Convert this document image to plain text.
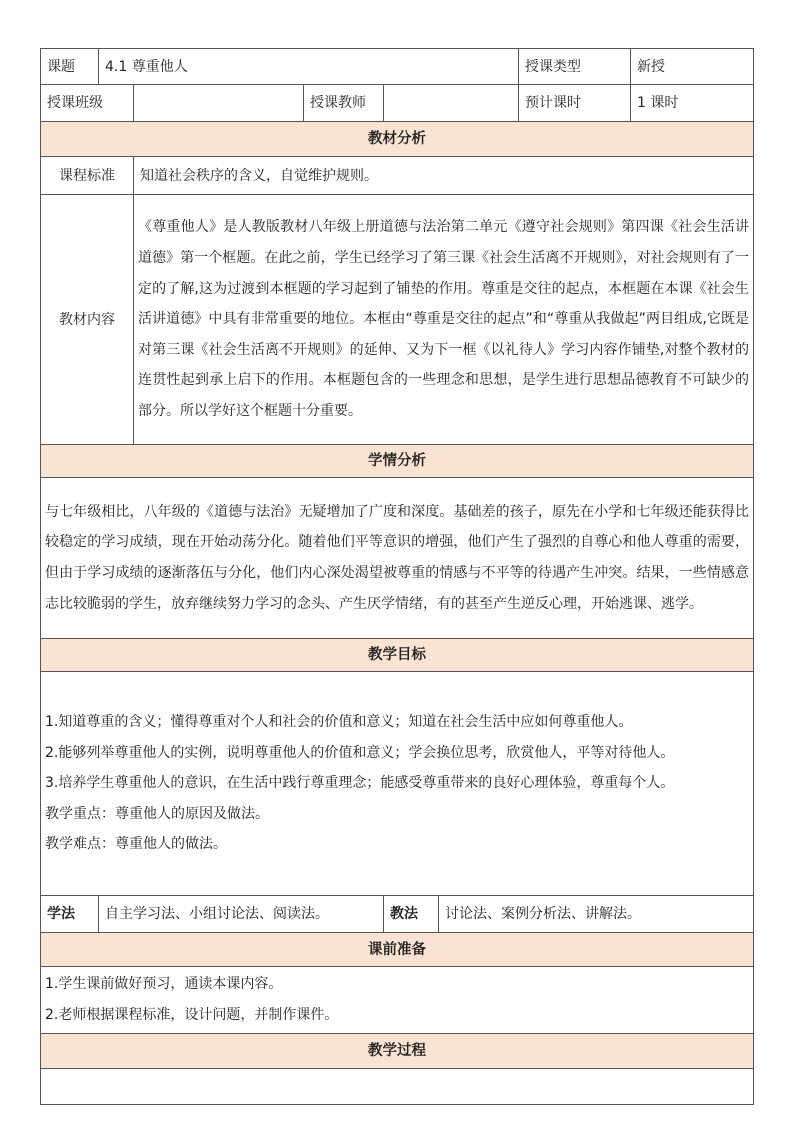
课题	4.1 尊重他人					授课类型	新授
授课班级			授课教师			预计课时	1 课时
教材分析							
课程标准		知道社会秩序的含义，自觉维护规则。					
教材内容		《尊重他人》是人教版教材八年级上册道德与法治第二单元《遵守社会规则》第四课《社会生活讲道德》第一个框题。在此之前，学生已经学习了第三课《社会生活离不开规则》，对社会规则有了一定的了解,这为过渡到本框题的学习起到了铺垫的作用。尊重是交往的起点，本框题在本课《社会生活讲道德》中具有非常重要的地位。本框由“尊重是交往的起点”和“尊重从我做起”两目组成,它既是对第三课《社会生活离不开规则》的延伸、又为下一框《以礼待人》学习内容作铺垫,对整个教材的连贯性起到承上启下的作用。本框题包含的一些理念和思想，是学生进行思想品德教育不可缺少的部分。所以学好这个框题十分重要。					
学情分析							
与七年级相比，八年级的《道德与法治》无疑增加了广度和深度。基础差的孩子，原先在小学和七年级还能获得比较稳定的学习成绩，现在开始动荡分化。随着他们平等意识的增强，他们产生了强烈的自尊心和他人尊重的需要，但由于学习成绩的逐渐落伍与分化，他们内心深处渴望被尊重的情感与不平等的待遇产生冲突。结果，一些情感意志比较脆弱的学生，放弃继续努力学习的念头、产生厌学情绪，有的甚至产生逆反心理，开始逃课、逃学。							
教学目标							

1.知道尊重的含义；懂得尊重对个人和社会的价值和意义；知道在社会生活中应如何尊重他人。
2.能够列举尊重他人的实例，说明尊重他人的价值和意义；学会换位思考，欣赏他人，平等对待他人。
3.培养学生尊重他人的意识，在生活中践行尊重理念；能感受尊重带来的良好心理体验，尊重每个人。
教学重点：尊重他人的原因及做法。
教学难点：尊重他人的做法。							

学法	自主学习法、小组讨论法、阅读法。			教法	讨论法、案例分析法、讲解法。		
课前准备							

1.学生课前做好预习，通读本课内容。
2.老师根据课程标准，设计问题，并制作课件。							

教学过程							
